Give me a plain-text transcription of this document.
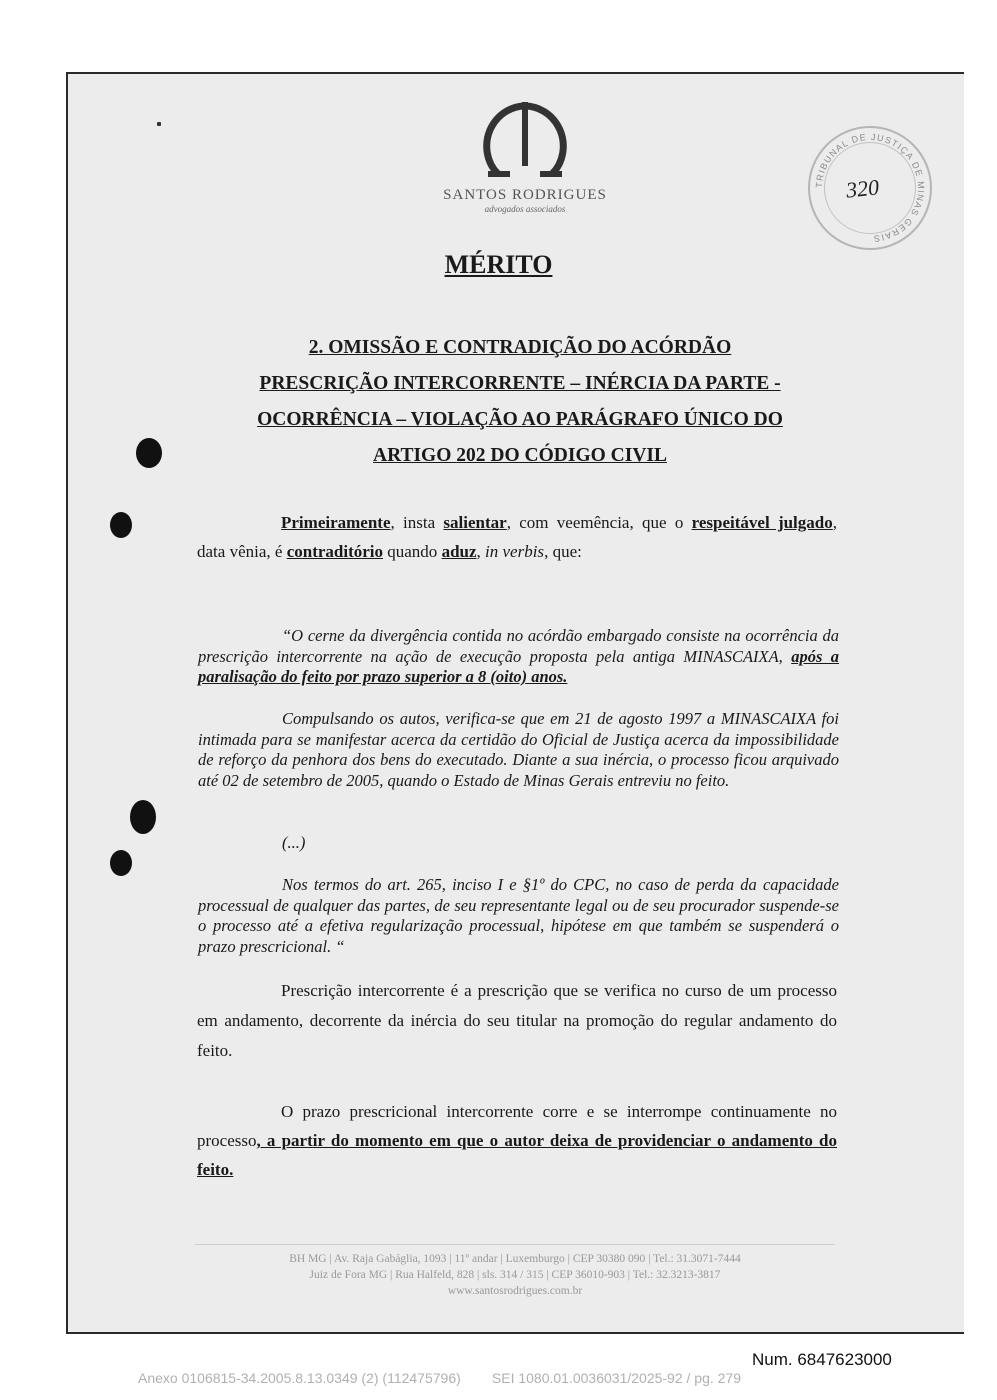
SANTOS RODRIGUES
advogados associados
TRIBUNAL DE JUSTIÇA DE MINAS GERAIS
320
MÉRITO
2. OMISSÃO E CONTRADIÇÃO DO ACÓRDÃO
PRESCRIÇÃO INTERCORRENTE – INÉRCIA DA PARTE -
OCORRÊNCIA – VIOLAÇÃO AO PARÁGRAFO ÚNICO DO
ARTIGO 202 DO CÓDIGO CIVIL
Primeiramente, insta salientar, com veemência, que o respeitável julgado, data vênia, é contraditório quando aduz, in verbis, que:
“O cerne da divergência contida no acórdão embargado consiste na ocorrência da prescrição intercorrente na ação de execução proposta pela antiga MINASCAIXA, após a paralisação do feito por prazo superior a 8 (oito) anos.
Compulsando os autos, verifica-se que em 21 de agosto 1997 a MINASCAIXA foi intimada para se manifestar acerca da certidão do Oficial de Justiça acerca da impossibilidade de reforço da penhora dos bens do executado. Diante a sua inércia, o processo ficou arquivado até 02 de setembro de 2005, quando o Estado de Minas Gerais entreviu no feito.
(...)
Nos termos do art. 265, inciso I e §1º do CPC, no caso de perda da capacidade processual de qualquer das partes, de seu representante legal ou de seu procurador suspende-se o processo até a efetiva regularização processual, hipótese em que também se suspenderá o prazo prescricional. “
Prescrição intercorrente é a prescrição que se verifica no curso de um processo em andamento, decorrente da inércia do seu titular na promoção do regular andamento do feito.
O prazo prescricional intercorrente corre e se interrompe continuamente no processo, a partir do momento em que o autor deixa de providenciar o andamento do feito.
BH MG | Av. Raja Gabáglia, 1093 | 11º andar | Luxemburgo | CEP 30380 090 | Tel.: 31.3071-7444
Juiz de Fora MG | Rua Halfeld, 828 | sls. 314 / 315 | CEP 36010-903 | Tel.: 32.3213-3817
www.santosrodrigues.com.br
Num. 6847623000
Anexo 0106815-34.2005.8.13.0349 (2) (112475796)        SEI 1080.01.0036031/2025-92 / pg. 279
